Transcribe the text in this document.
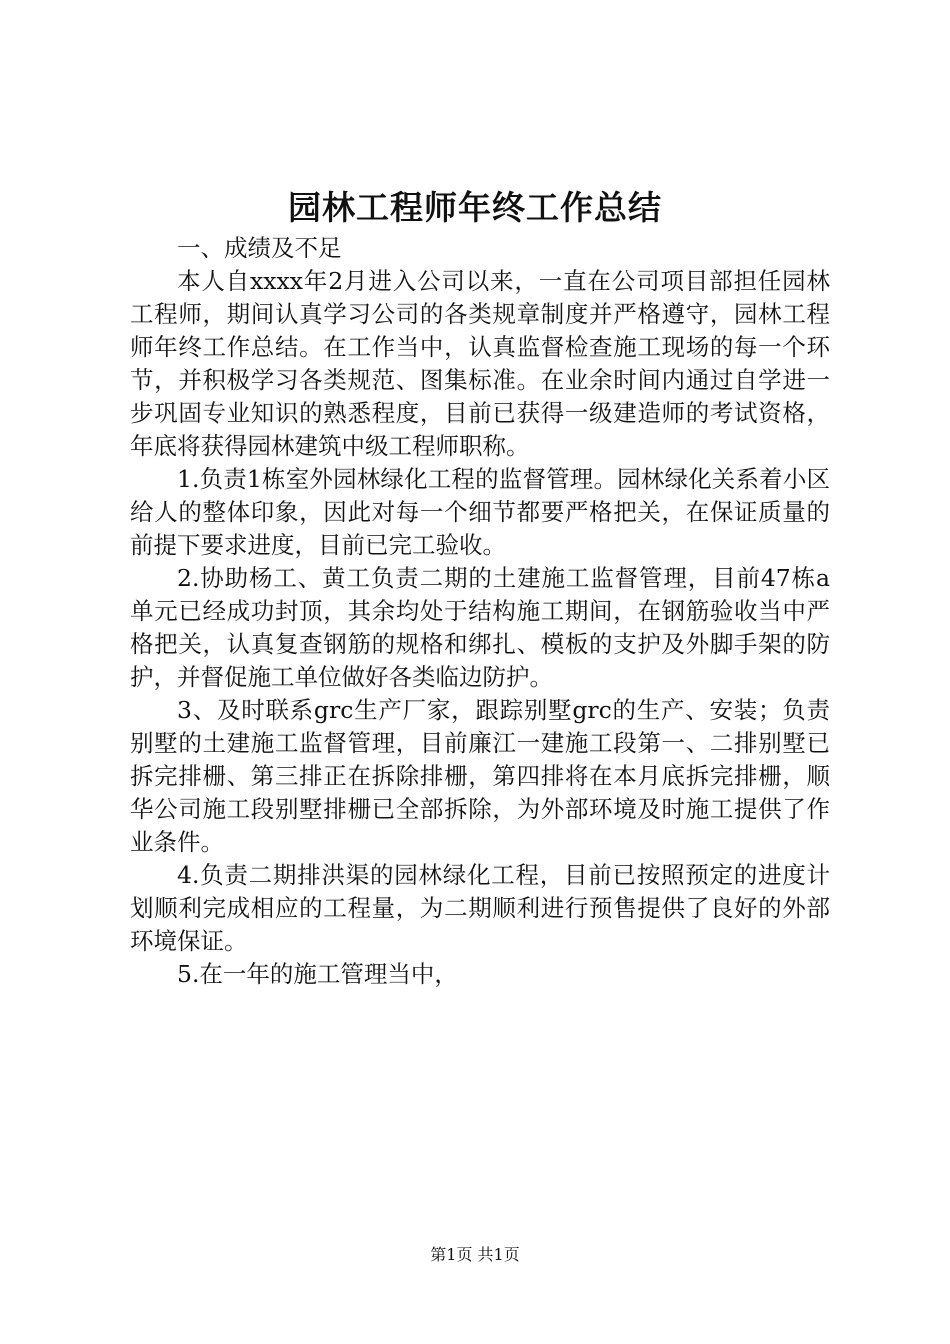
园林工程师年终工作总结

一、成绩及不足

本人自xxxx年2月进入公司以来，一直在公司项目部担任园林工程师，期间认真学习公司的各类规章制度并严格遵守，园林工程师年终工作总结。在工作当中，认真监督检查施工现场的每一个环节，并积极学习各类规范、图集标准。在业余时间内通过自学进一步巩固专业知识的熟悉程度，目前已获得一级建造师的考试资格，年底将获得园林建筑中级工程师职称。

1.负责1栋室外园林绿化工程的监督管理。园林绿化关系着小区给人的整体印象，因此对每一个细节都要严格把关，在保证质量的前提下要求进度，目前已完工验收。

2.协助杨工、黄工负责二期的土建施工监督管理，目前47栋a单元已经成功封顶，其余均处于结构施工期间，在钢筋验收当中严格把关，认真复查钢筋的规格和绑扎、模板的支护及外脚手架的防护，并督促施工单位做好各类临边防护。

3、及时联系grc生产厂家，跟踪别墅grc的生产、安装；负责别墅的土建施工监督管理，目前廉江一建施工段第一、二排别墅已拆完排栅、第三排正在拆除排栅，第四排将在本月底拆完排栅，顺华公司施工段别墅排栅已全部拆除，为外部环境及时施工提供了作业条件。

4.负责二期排洪渠的园林绿化工程，目前已按照预定的进度计划顺利完成相应的工程量，为二期顺利进行预售提供了良好的外部环境保证。

5.在一年的施工管理当中，

第1页 共1页
